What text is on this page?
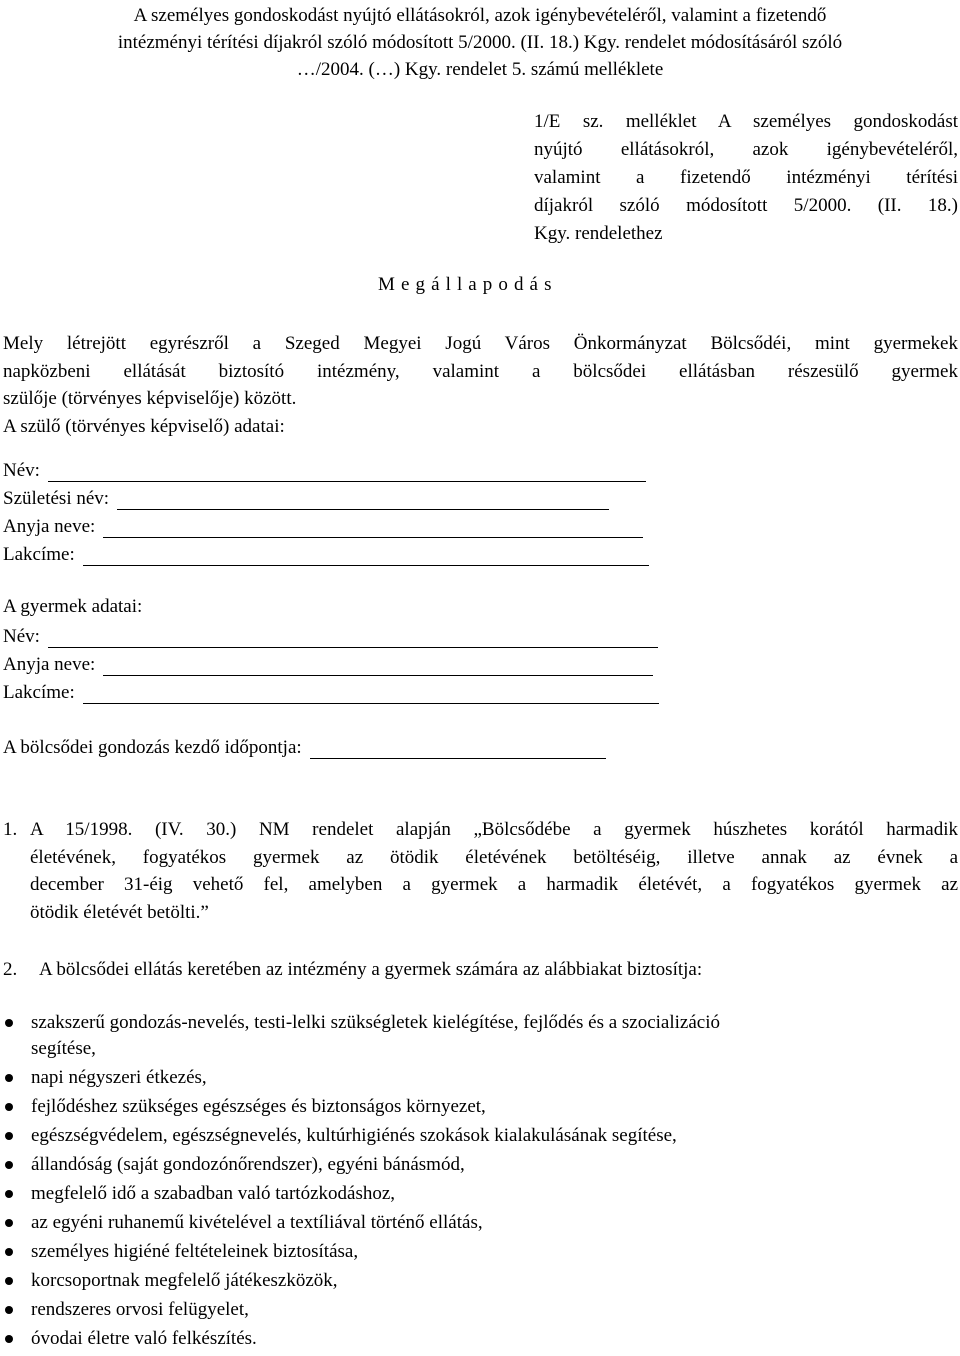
A személyes gondoskodást nyújtó ellátásokról, azok igénybevételéről, valamint a fizetendő
intézményi térítési díjakról szóló módosított 5/2000. (II. 18.) Kgy. rendelet módosításáról szóló
…/2004. (…) Kgy. rendelet 5. számú melléklete
1/E sz. melléklet A személyes gondoskodást
nyújtó ellátásokról, azok igénybevételéről,
valamint a fizetendő intézményi térítési
díjakról szóló módosított 5/2000. (II. 18.)
Kgy. rendelethez
Megállapodás
Mely létrejött egyrészről a Szeged Megyei Jogú Város Önkormányzat Bölcsődéi, mint gyermekek
napközbeni ellátását biztosító intézmény, valamint a bölcsődei ellátásban részesülő gyermek
szülője (törvényes képviselője) között.
A szülő (törvényes képviselő) adatai:
Név:
Születési név:
Anyja neve:
Lakcíme:
A gyermek adatai:
Név:
Anyja neve:
Lakcíme:
A bölcsődei gondozás kezdő időpontja:
1. A 15/1998. (IV. 30.) NM rendelet alapján „Bölcsődébe a gyermek húszhetes korától harmadik
életévének, fogyatékos gyermek az ötödik életévének betöltéséig, illetve annak az évnek a
december 31-éig vehető fel, amelyben a gyermek a harmadik életévét, a fogyatékos gyermek az
ötödik életévét betölti.”
2. A bölcsődei ellátás keretében az intézmény a gyermek számára az alábbiakat biztosítja:
szakszerű gondozás-nevelés, testi-lelki szükségletek kielégítése, fejlődés és a szocializáció
segítése,
napi négyszeri étkezés,
fejlődéshez szükséges egészséges és biztonságos környezet,
egészségvédelem, egészségnevelés, kultúrhigiénés szokások kialakulásának segítése,
állandóság (saját gondozónőrendszer), egyéni bánásmód,
megfelelő idő a szabadban való tartózkodáshoz,
az egyéni ruhanemű kivételével a textíliával történő ellátás,
személyes higiéné feltételeinek biztosítása,
korcsoportnak megfelelő játékeszközök,
rendszeres orvosi felügyelet,
óvodai életre való felkészítés.
